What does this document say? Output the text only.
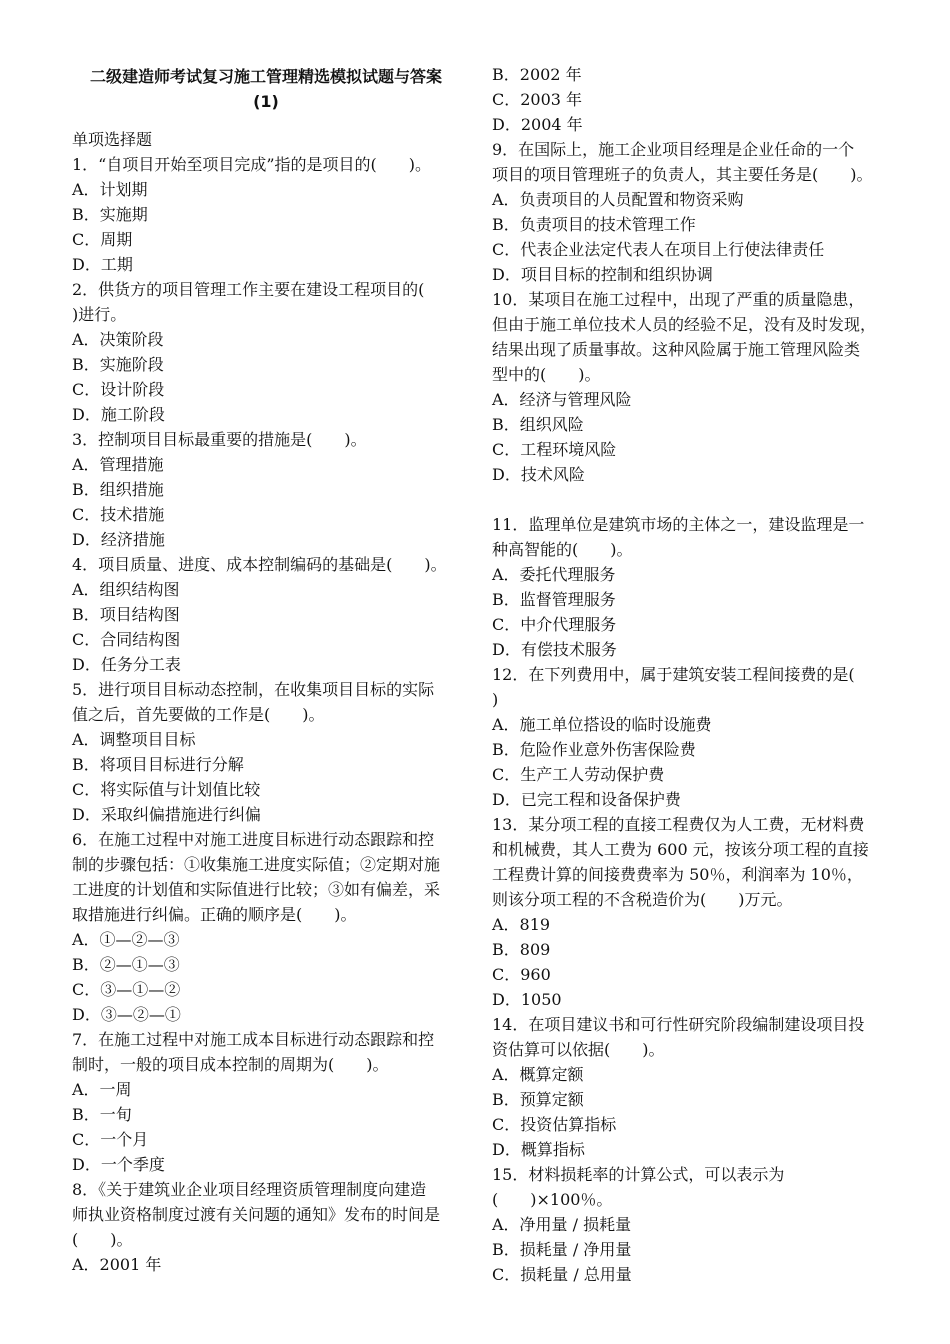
二级建造师考试复习施工管理精选模拟试题与答案
(1)
单项选择题
1．“自项目开始至项目完成”指的是项目的(　　)。
A．计划期
B．实施期
C．周期
D．工期
2．供货方的项目管理工作主要在建设工程项目的(
)进行。
A．决策阶段
B．实施阶段
C．设计阶段
D．施工阶段
3．控制项目目标最重要的措施是(　　)。
A．管理措施
B．组织措施
C．技术措施
D．经济措施
4．项目质量、进度、成本控制编码的基础是(　　)。
A．组织结构图
B．项目结构图
C．合同结构图
D．任务分工表
5．进行项目目标动态控制，在收集项目目标的实际
值之后，首先要做的工作是(　　)。
A．调整项目目标
B．将项目目标进行分解
C．将实际值与计划值比较
D．采取纠偏措施进行纠偏
6．在施工过程中对施工进度目标进行动态跟踪和控
制的步骤包括：①收集施工进度实际值；②定期对施
工进度的计划值和实际值进行比较；③如有偏差，采
取措施进行纠偏。正确的顺序是(　　)。
A．①—②—③
B．②—①—③
C．③—①—②
D．③—②—①
7．在施工过程中对施工成本目标进行动态跟踪和控
制时，一般的项目成本控制的周期为(　　)。
A．一周
B．一旬
C．一个月
D．一个季度
8．《关于建筑业企业项目经理资质管理制度向建造
师执业资格制度过渡有关问题的通知》发布的时间是
(　　)。
A．2001 年
B．2002 年
C．2003 年
D．2004 年
9．在国际上，施工企业项目经理是企业任命的一个
项目的项目管理班子的负责人，其主要任务是(　　)。
A．负责项目的人员配置和物资采购
B．负责项目的技术管理工作
C．代表企业法定代表人在项目上行使法律责任
D．项目目标的控制和组织协调
10．某项目在施工过程中，出现了严重的质量隐患，
但由于施工单位技术人员的经验不足，没有及时发现，
结果出现了质量事故。这种风险属于施工管理风险类
型中的(　　)。
A．经济与管理风险
B．组织风险
C．工程环境风险
D．技术风险
11．监理单位是建筑市场的主体之一，建设监理是一
种高智能的(　　)。
A．委托代理服务
B．监督管理服务
C．中介代理服务
D．有偿技术服务
12．在下列费用中，属于建筑安装工程间接费的是(
)
A．施工单位搭设的临时设施费
B．危险作业意外伤害保险费
C．生产工人劳动保护费
D．已完工程和设备保护费
13．某分项工程的直接工程费仅为人工费，无材料费
和机械费，其人工费为 600 元，按该分项工程的直接
工程费计算的间接费费率为 50％，利润率为 10％，
则该分项工程的不含税造价为(　　)万元。
A．819
B．809
C．960
D．1050
14．在项目建议书和可行性研究阶段编制建设项目投
资估算可以依据(　　)。
A．概算定额
B．预算定额
C．投资估算指标
D．概算指标
15．材料损耗率的计算公式，可以表示为
(　　)×100％。
A．净用量 / 损耗量
B．损耗量 / 净用量
C．损耗量 / 总用量
